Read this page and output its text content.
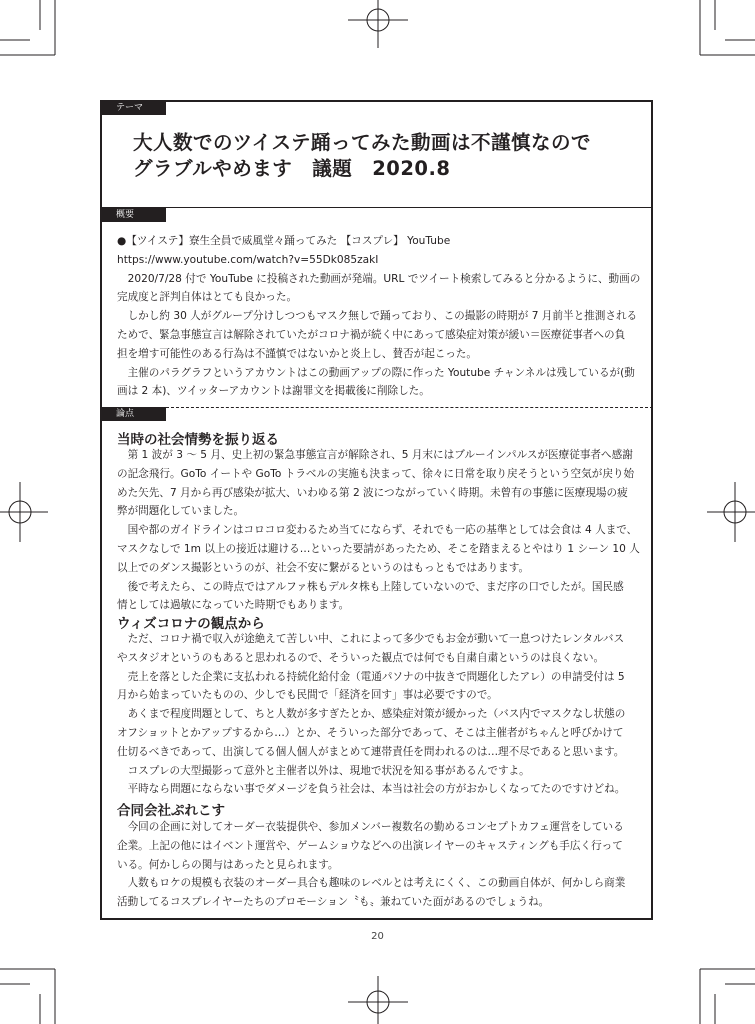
テーマ
大人数でのツイステ踊ってみた動画は不謹慎なので
グラブルやめます　議題　2020.8
概要
●【ツイステ】寮生全員で威風堂々踊ってみた 【コスプレ】 YouTube
https://www.youtube.com/watch?v=55Dk085zakI
　2020/7/28 付で YouTube に投稿された動画が発端。URL でツイート検索してみると分かるように、動画の
完成度と評判自体はとても良かった。
　しかし約 30 人がグループ分けしつつもマスク無しで踊っており、この撮影の時期が 7 月前半と推測される
ためで、緊急事態宣言は解除されていたがコロナ禍が続く中にあって感染症対策が緩い＝医療従事者への負
担を増す可能性のある行為は不謹慎ではないかと炎上し、賛否が起こった。
　主催のパラグラフというアカウントはこの動画アップの際に作った Youtube チャンネルは残しているが(動
画は 2 本)、ツイッターアカウントは謝罪文を掲載後に削除した。
論点
当時の社会情勢を振り返る
　第 1 波が 3 ～ 5 月、史上初の緊急事態宣言が解除され、5 月末にはブルーインパルスが医療従事者へ感謝
の記念飛行。GoTo イートや GoTo トラベルの実施も決まって、徐々に日常を取り戻そうという空気が戻り始
めた矢先、7 月から再び感染が拡大、いわゆる第 2 波につながっていく時期。未曾有の事態に医療現場の疲
弊が問題化していました。
　国や都のガイドラインはコロコロ変わるため当てにならず、それでも一応の基準としては会食は 4 人まで、
マスクなしで 1m 以上の接近は避ける…といった要請があったため、そこを踏まえるとやはり 1 シーン 10 人
以上でのダンス撮影というのが、社会不安に繋がるというのはもっともではあります。
　後で考えたら、この時点ではアルファ株もデルタ株も上陸していないので、まだ序の口でしたが。国民感
情としては過敏になっていた時期でもあります。
ウィズコロナの観点から
　ただ、コロナ禍で収入が途絶えて苦しい中、これによって多少でもお金が動いて一息つけたレンタルバス
やスタジオというのもあると思われるので、そういった観点では何でも自粛自粛というのは良くない。
　売上を落とした企業に支払われる持続化給付金（電通パソナの中抜きで問題化したアレ）の申請受付は 5
月から始まっていたものの、少しでも民間で「経済を回す」事は必要ですので。
　あくまで程度問題として、ちと人数が多すぎたとか、感染症対策が緩かった（バス内でマスクなし状態の
オフショットとかアップするから…）とか、そういった部分であって、そこは主催者がちゃんと呼びかけて
仕切るべきであって、出演してる個人個人がまとめて連帯責任を問われるのは…理不尽であると思います。
　コスプレの大型撮影って意外と主催者以外は、現地で状況を知る事があるんですよ。
　平時なら問題にならない事でダメージを負う社会は、本当は社会の方がおかしくなってたのですけどね。
合同会社ぷれこす
　今回の企画に対してオーダー衣装提供や、参加メンバー複数名の勤めるコンセプトカフェ運営をしている
企業。上記の他にはイベント運営や、ゲームショウなどへの出演レイヤーのキャスティングも手広く行って
いる。何かしらの関与はあったと見られます。
　人数もロケの規模も衣装のオーダー具合も趣味のレベルとは考えにくく、この動画自体が、何かしら商業
活動してるコスプレイヤーたちのプロモーション〝も〟兼ねていた面があるのでしょうね。
20
